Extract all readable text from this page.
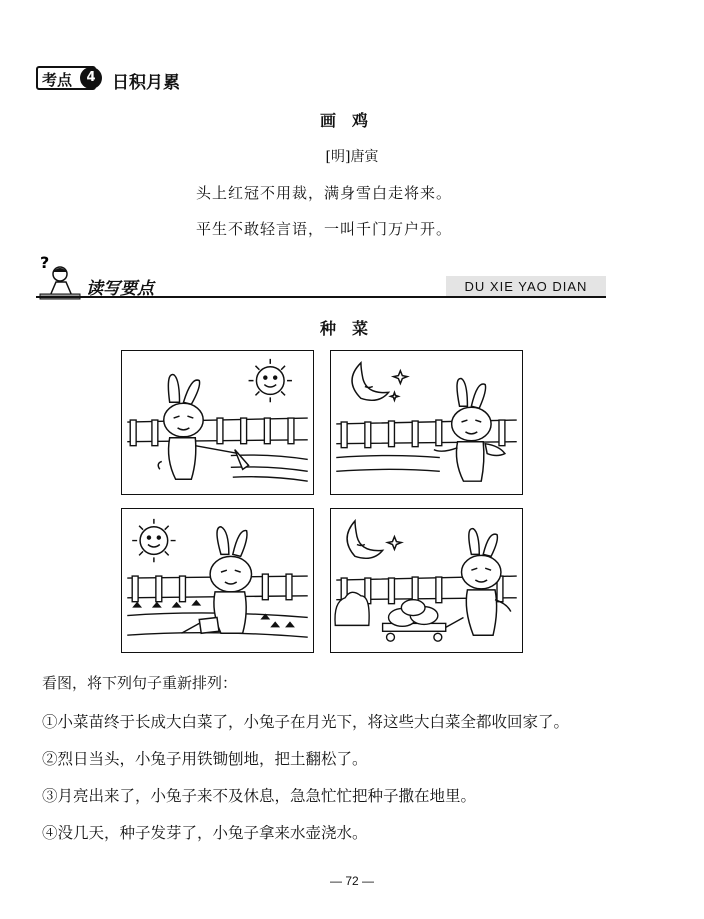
考点	4 日积月累
画鸡
[明]唐寅
头上红冠不用裁，满身雪白走将来。
平生不敢轻言语，一叫千门万户开。
?
读写要点	DU XIE YAO DIAN
种菜
看图，将下列句子重新排列：
①小菜苗终于长成大白菜了，小兔子在月光下，将这些大白菜全都收回家了。
②烈日当头，小兔子用铁锄刨地，把土翻松了。
③月亮出来了，小兔子来不及休息，急急忙忙把种子撒在地里。
④没几天，种子发芽了，小兔子拿来水壶浇水。
— 72 —
